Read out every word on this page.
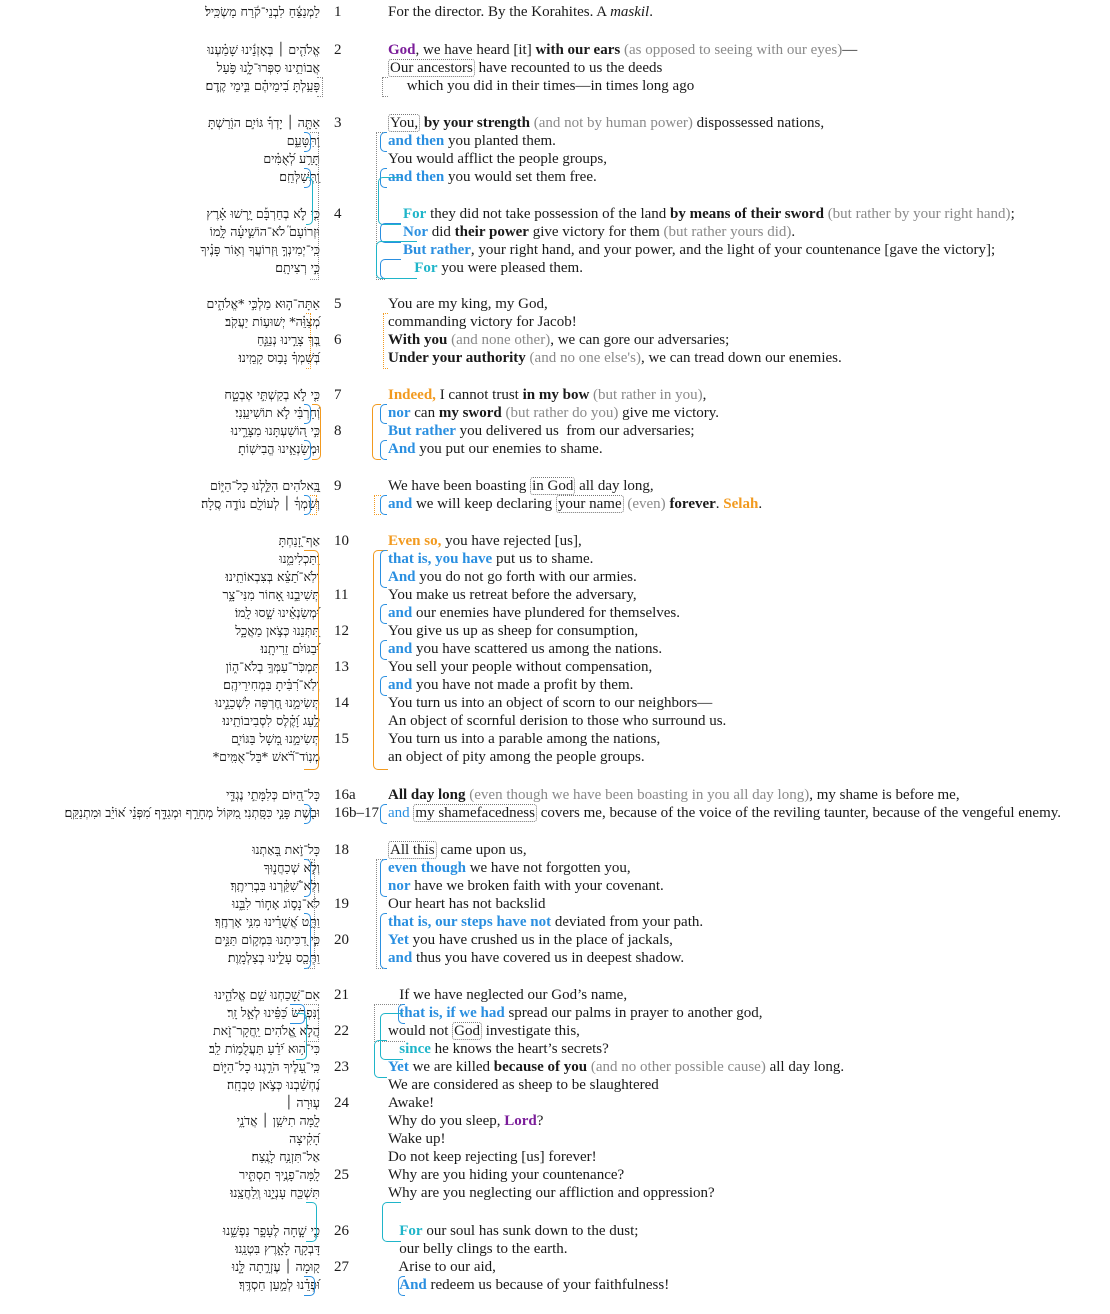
לַמְנַצֵּ֬חַ לִבְנֵי־קֹ֬רַח מַשְׂכִּֽיל׃ 1	For the director. By the Korahites. A maskil.
אֱלֹהִ֤ים ׀ בְּאָזְנֵ֬ינוּ שָׁמַ֗עְנוּ 2	God, we have heard [it] with our ears (as opposed to seeing with our eyes)—
אֲבוֹתֵ֥ינוּ סִפְּרוּ־לָ֑נוּ פֹּ֥עַל	Our ancestors have recounted to us the deeds
פָּעַ֥לְתָּ בִ֝ימֵיהֶ֗ם בִּ֣ימֵי קֶֽדֶם׃	which you did in their times—in times long ago
אַתָּ֤ה ׀ יָדְךָ֡ גּוֹיִ֣ם הוֹרַ֭שְׁתָּ 3	You, by your strength (and not by human power) dispossessed nations,
וַתִּטָּעֵ֑ם	and then you planted them.
תָּרַ֥ע לְ֝אֻמִּ֗ים	You would afflict the people groups,
וַֽתְּשַׁלְּחֵֽם׃	and then you would set them free.
כִּ֤י לֹ֪א בְחַרְבָּ֡ם יָ֥רְשׁוּ אָ֗רֶץ 4	For they did not take possession of the land by means of their sword (but rather by your right hand);
וּזְרוֹעָם֮ לֹא־הוֹשִׁ֪יעָ֫ה לָּ֥מוֹ	Nor did their power give victory for them (but rather yours did).
כִּֽי־יְמִינְךָ֣ וּ֭זְרוֹעֲךָ וְא֥וֹר פָּנֶ֗יךָ	But rather, your right hand, and your power, and the light of your countenance [gave the victory];
כִּ֣י רְצִיתָֽם׃	For you were pleased them.
אַתָּה־ה֣וּא מַלְכִּ֣י *אֱלֹהִ֑ים 5	You are my king, my God,
מְ֝צַוֵּ֗ה* יְשׁוּע֥וֹת יַעֲקֹֽב׃	commanding victory for Jacob!
בְּ֭ךָ צָרֵ֣ינוּ נְנַגֵּ֑חַ 6	With you (and none other), we can gore our adversaries;
בְּ֝שִׁמְךָ֗ נָב֥וּס קָמֵֽינוּ׃	Under your authority (and no one else's), we can tread down our enemies.
כִּ֤י לֹ֣א בְקַשְׁתִּ֣י אֶבְטָ֑ח 7	Indeed, I cannot trust in my bow (but rather in you),
וְ֝חַרְבִּ֗י לֹ֣א תוֹשִׁיעֵֽנִי׃	nor can my sword (but rather do you) give me victory.
כִּ֣י ה֭וֹשַׁעְתָּנוּ מִצָּרֵ֑ינוּ 8	But rather you delivered us  from our adversaries;
וּמְשַׂנְאֵ֥ינוּ הֱבִישֽׁוֹתָ׃	And you put our enemies to shame.
בֵּֽ֭אלֹהִים הִלַּ֣לְנוּ כָל־הַיּ֑וֹם 9	We have been boasting in God all day long,
וְשִׁמְךָ֓ ׀ לְעוֹלָ֖ם נוֹדֶ֣ה סֶֽלָה׃	and we will keep declaring your name (even) forever. Selah.
אַף־זָ֭נַחְתָּ 10	Even so, you have rejected [us],
וַתַּכְלִימֵ֑נוּ	that is, you have put us to shame.
וְלֹֽא־תֵ֝צֵ֗א בְּצִבְאוֹתֵֽינוּ׃	And you do not go forth with our armies.
תְּשִׁיבֵ֣נוּ אָ֭חוֹר מִנִּי־צָ֑ר 11	You make us retreat before the adversary,
וּ֝מְשַׂנְאֵ֗ינוּ שָׁ֣סוּ לָֽמוֹ׃	and our enemies have plundered for themselves.
תִּ֭תְּנֵנוּ כְּצֹ֣אן מַאֲכָ֑ל 12	You give us up as sheep for consumption,
וּ֝בַגּוֹיִ֗ם זֵרִיתָֽנוּ׃	and you have scattered us among the nations.
תִּמְכֹּֽר־עַמְּךָ֥ בְלֹא־ה֑וֹן 13	You sell your people without compensation,
וְלֹֽא־רִ֝בִּ֗יתָ בִּמְחִירֵיהֶֽם׃	and you have not made a profit by them.
תְּשִׂימֵ֣נוּ חֶ֭רְפָּה לִשְׁכֵנֵ֑ינוּ 14	You turn us into an object of scorn to our neighbors—
לַ֥עַג וָ֝קֶ֗לֶס לִסְבִיבוֹתֵֽינוּ׃	An object of scornful derision to those who surround us.
תְּשִׂימֵ֣נוּ מָ֭שָׁל בַּגּוֹיִ֑ם 15	You turn us into a parable among the nations,
מְנֽוֹד־רֹ֝֗אשׁ *בַּל־אֻמִּֽים*	an object of pity among the people groups.
כָּל־הַ֭יּוֹם כְּלִמָּתִ֣י נֶגְדִּ֑י 16a All day long (even though we have been boasting in you all day long), my shame is before me,
וּבֹ֖שֶׁת פָּנַ֣י כִּסָּֽתְנִי׃ מִ֭קּוֹל מְחָרֵ֣ף וּמְגַדֵּ֑ף מִ֝פְּנֵ֗י א֝וֹיֵ֗ב וּמִתְנַקֵּֽם׃ 16b–17 and my shamefacedness covers me, because of the voice of the reviling taunter, because of the vengeful enemy.
כָּל־זֹ֣את בָּ֭אַתְנוּ 18	All this came upon us,
וְלֹ֣א שְׁכַחֲנ֑וּךָ	even though we have not forgotten you,
וְלֹֽא־שִׁ֝קַּ֗רְנוּ בִּבְרִיתֶֽךָ׃	nor have we broken faith with your covenant.
לֹא־נָס֣וֹג אָח֣וֹר לִבֵּ֑נוּ 19	Our heart has not backslid
וַתֵּ֥ט אֲ֝שֻׁרֵ֗ינוּ מִנִּ֥י אָרְחֶֽךָ׃	that is, our steps have not deviated from your path.
כִּ֣י דִ֭כִּיתָנוּ בִּמְק֣וֹם תַּנִּ֑ים 20	Yet you have crushed us in the place of jackals,
וַתְּכַ֖ס עָלֵ֣ינוּ בְצַלְמָֽוֶת׃	and thus you have covered us in deepest shadow.
אִם־שָׁ֭כַחְנוּ שֵׁ֣ם אֱלֹהֵ֑ינוּ 21	If we have neglected our God’s name,
וַנִּפְרֹ֥שׂ כַּ֝פֵּ֗ינוּ לְאֵ֣ל זָֽר׃	that is, if we had spread our palms in prayer to another god,
הֲלֹ֣א אֱ֭לֹהִים יַֽחֲקָר־זֹ֑את 22	would not God investigate this,
כִּי־ה֥וּא יֹ֝דֵ֗עַ תַּעֲלֻמ֥וֹת לֵֽב׃	since he knows the heart’s secrets?
כִּֽי־עָ֭לֶיךָ הֹרַ֣גְנוּ כָל־הַיּ֑וֹם 23	Yet we are killed because of you (and no other possible cause) all day long.
נֶ֝חְשַׁ֗בְנוּ כְּצֹ֣אן טִבְחָֽה׃	We are considered as sheep to be slaughtered
ע֤וּרָה ׀ 24	Awake!
לָ֖מָּה תִישַׁ֥ן ׀ אֲדֹנָ֑י	Why do you sleep, Lord?
הָ֝קִ֗יצָה	Wake up!
אַל־תִּזְנַ֥ח לָנֶֽצַח׃	Do not keep rejecting [us] forever!
לָֽמָּה־פָנֶ֥יךָ תַסְתִּ֑יר 25	Why are you hiding your countenance?
תִּשְׁכַּ֖ח עָנְיֵ֣נוּ וְֽלַחֲצֵֽנוּ׃	Why are you neglecting our affliction and oppression?
כִּ֤י שָׁ֣חָה לֶעָפָ֣ר נַפְשֵׁ֑נוּ 26	For our soul has sunk down to the dust;
דָּבְקָ֖ה לָאָ֣רֶץ בִּטְנֵֽנוּ׃	our belly clings to the earth.
ק֭וּמָה ׀ עֶזְרָ֣תָה לָּ֑נוּ 27	Arise to our aid,
וּ֝פְדֵ֗נוּ לְמַ֣עַן חַסְדֶּֽךָ׃	And redeem us because of your faithfulness!
